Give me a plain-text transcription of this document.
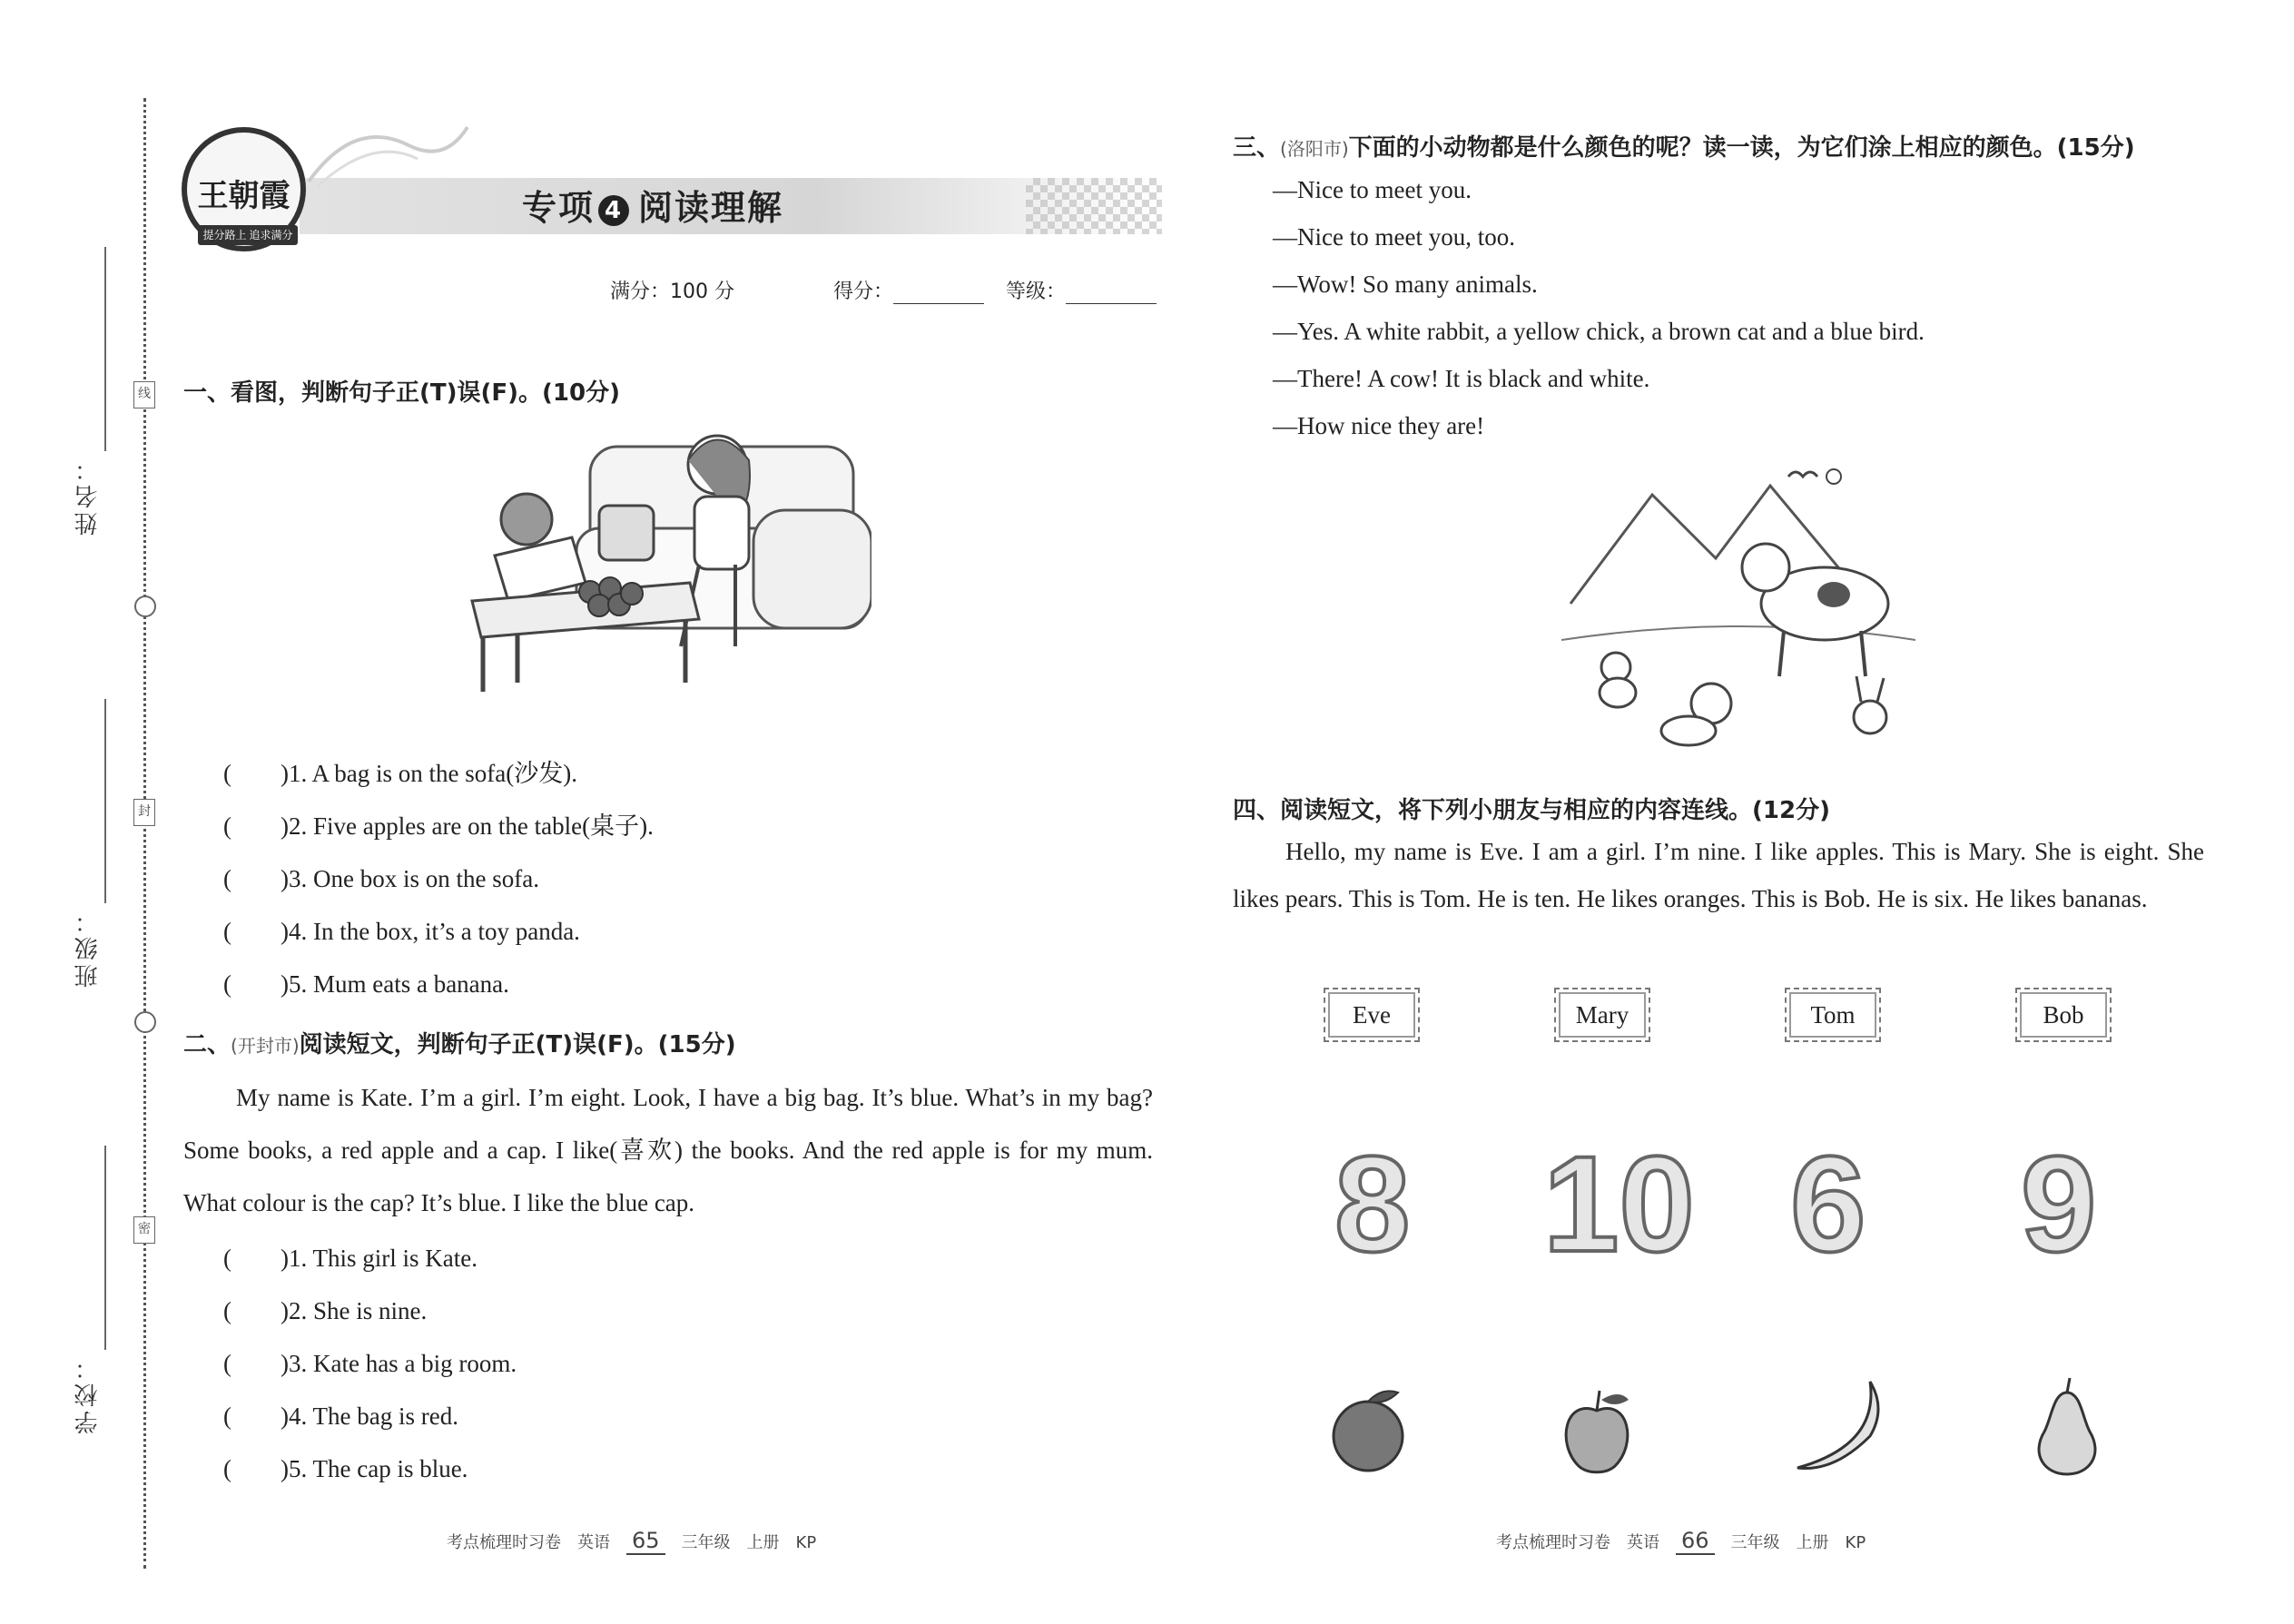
姓名：
班级：
学校：
线
封
密
王朝霞
提分路上 追求满分
专项 4 阅读理解
满分：100 分	得分：	等级：
一、看图，判断句子正(T)误(F)。(10分)
(　　)1. A bag is on the sofa(沙发).
(　　)2. Five apples are on the table(桌子).
(　　)3. One box is on the sofa.
(　　)4. In the box, it’s a toy panda.
(　　)5. Mum eats a banana.
二、(开封市)阅读短文，判断句子正(T)误(F)。(15分)
My name is Kate. I’m a girl. I’m eight. Look, I have a big bag. It’s blue. What’s in my bag? Some books, a red apple and a cap. I like(喜欢) the books. And the red apple is for my mum. What colour is the cap? It’s blue. I like the blue cap.
(　　)1. This girl is Kate.
(　　)2. She is nine.
(　　)3. Kate has a big room.
(　　)4. The bag is red.
(　　)5. The cap is blue.
考点梳理时习卷　英语 65 三年级　上册　KP
三、(洛阳市)下面的小动物都是什么颜色的呢？读一读，为它们涂上相应的颜色。(15分)
—Nice to meet you.
—Nice to meet you, too.
—Wow! So many animals.
—Yes. A white rabbit, a yellow chick, a brown cat and a blue bird.
—There! A cow! It is black and white.
—How nice they are!
四、阅读短文，将下列小朋友与相应的内容连线。(12分)
Hello, my name is Eve. I am a girl. I’m nine. I like apples. This is Mary. She is eight. She likes pears. This is Tom. He is ten. He likes oranges. This is Bob. He is six. He likes bananas.
Eve	Mary	Tom	Bob
8 10 6 9
考点梳理时习卷　英语 66 三年级　上册　KP
